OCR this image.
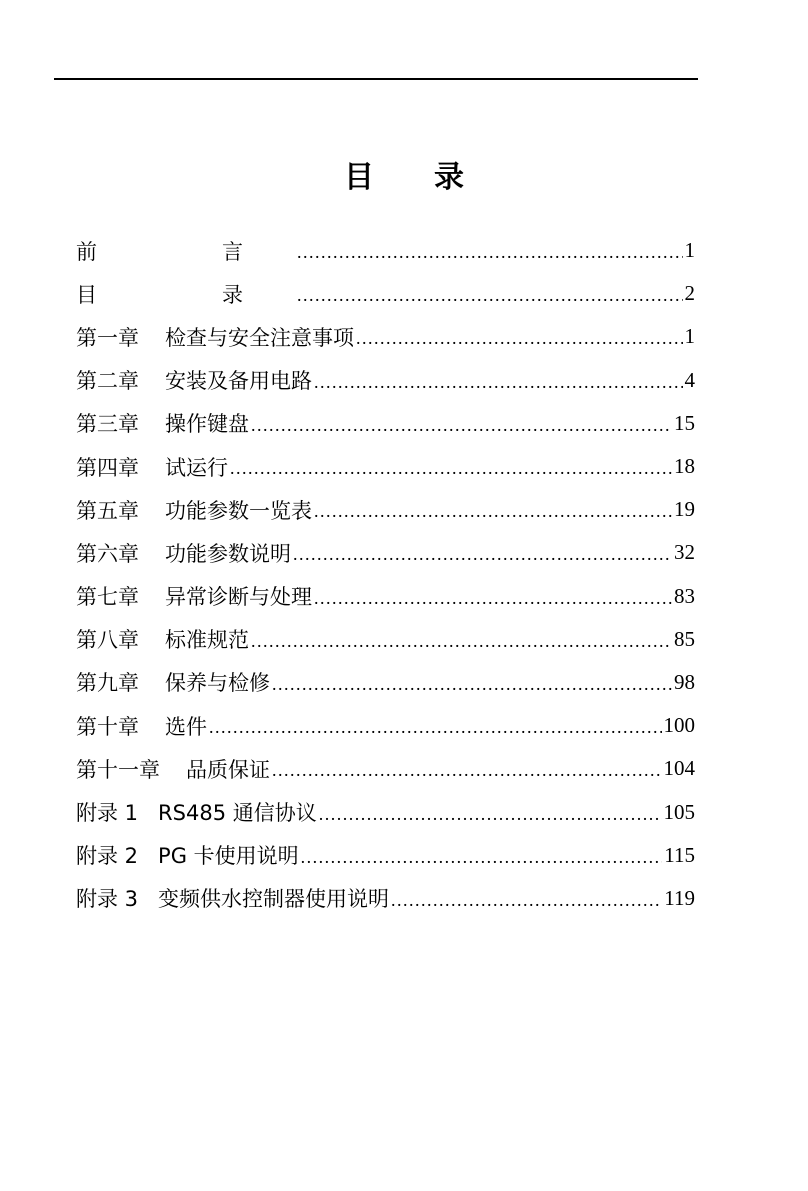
目 录
前　言 .....	1
目　录 .....	2
第一章 检查与安全注意事项 .....	1
第二章 安装及备用电路 .....	4
第三章 操作键盘 .....	15
第四章 试运行 .....	18
第五章 功能参数一览表 .....	19
第六章 功能参数说明 .....	32
第七章 异常诊断与处理 .....	83
第八章 标准规范 .....	85
第九章 保养与检修 .....	98
第十章 选件 .....	100
第十一章 品质保证 .....	104
附录 1 RS485 通信协议 .....	105
附录 2 PG 卡使用说明 .....	115
附录 3 变频供水控制器使用说明 .....	119
